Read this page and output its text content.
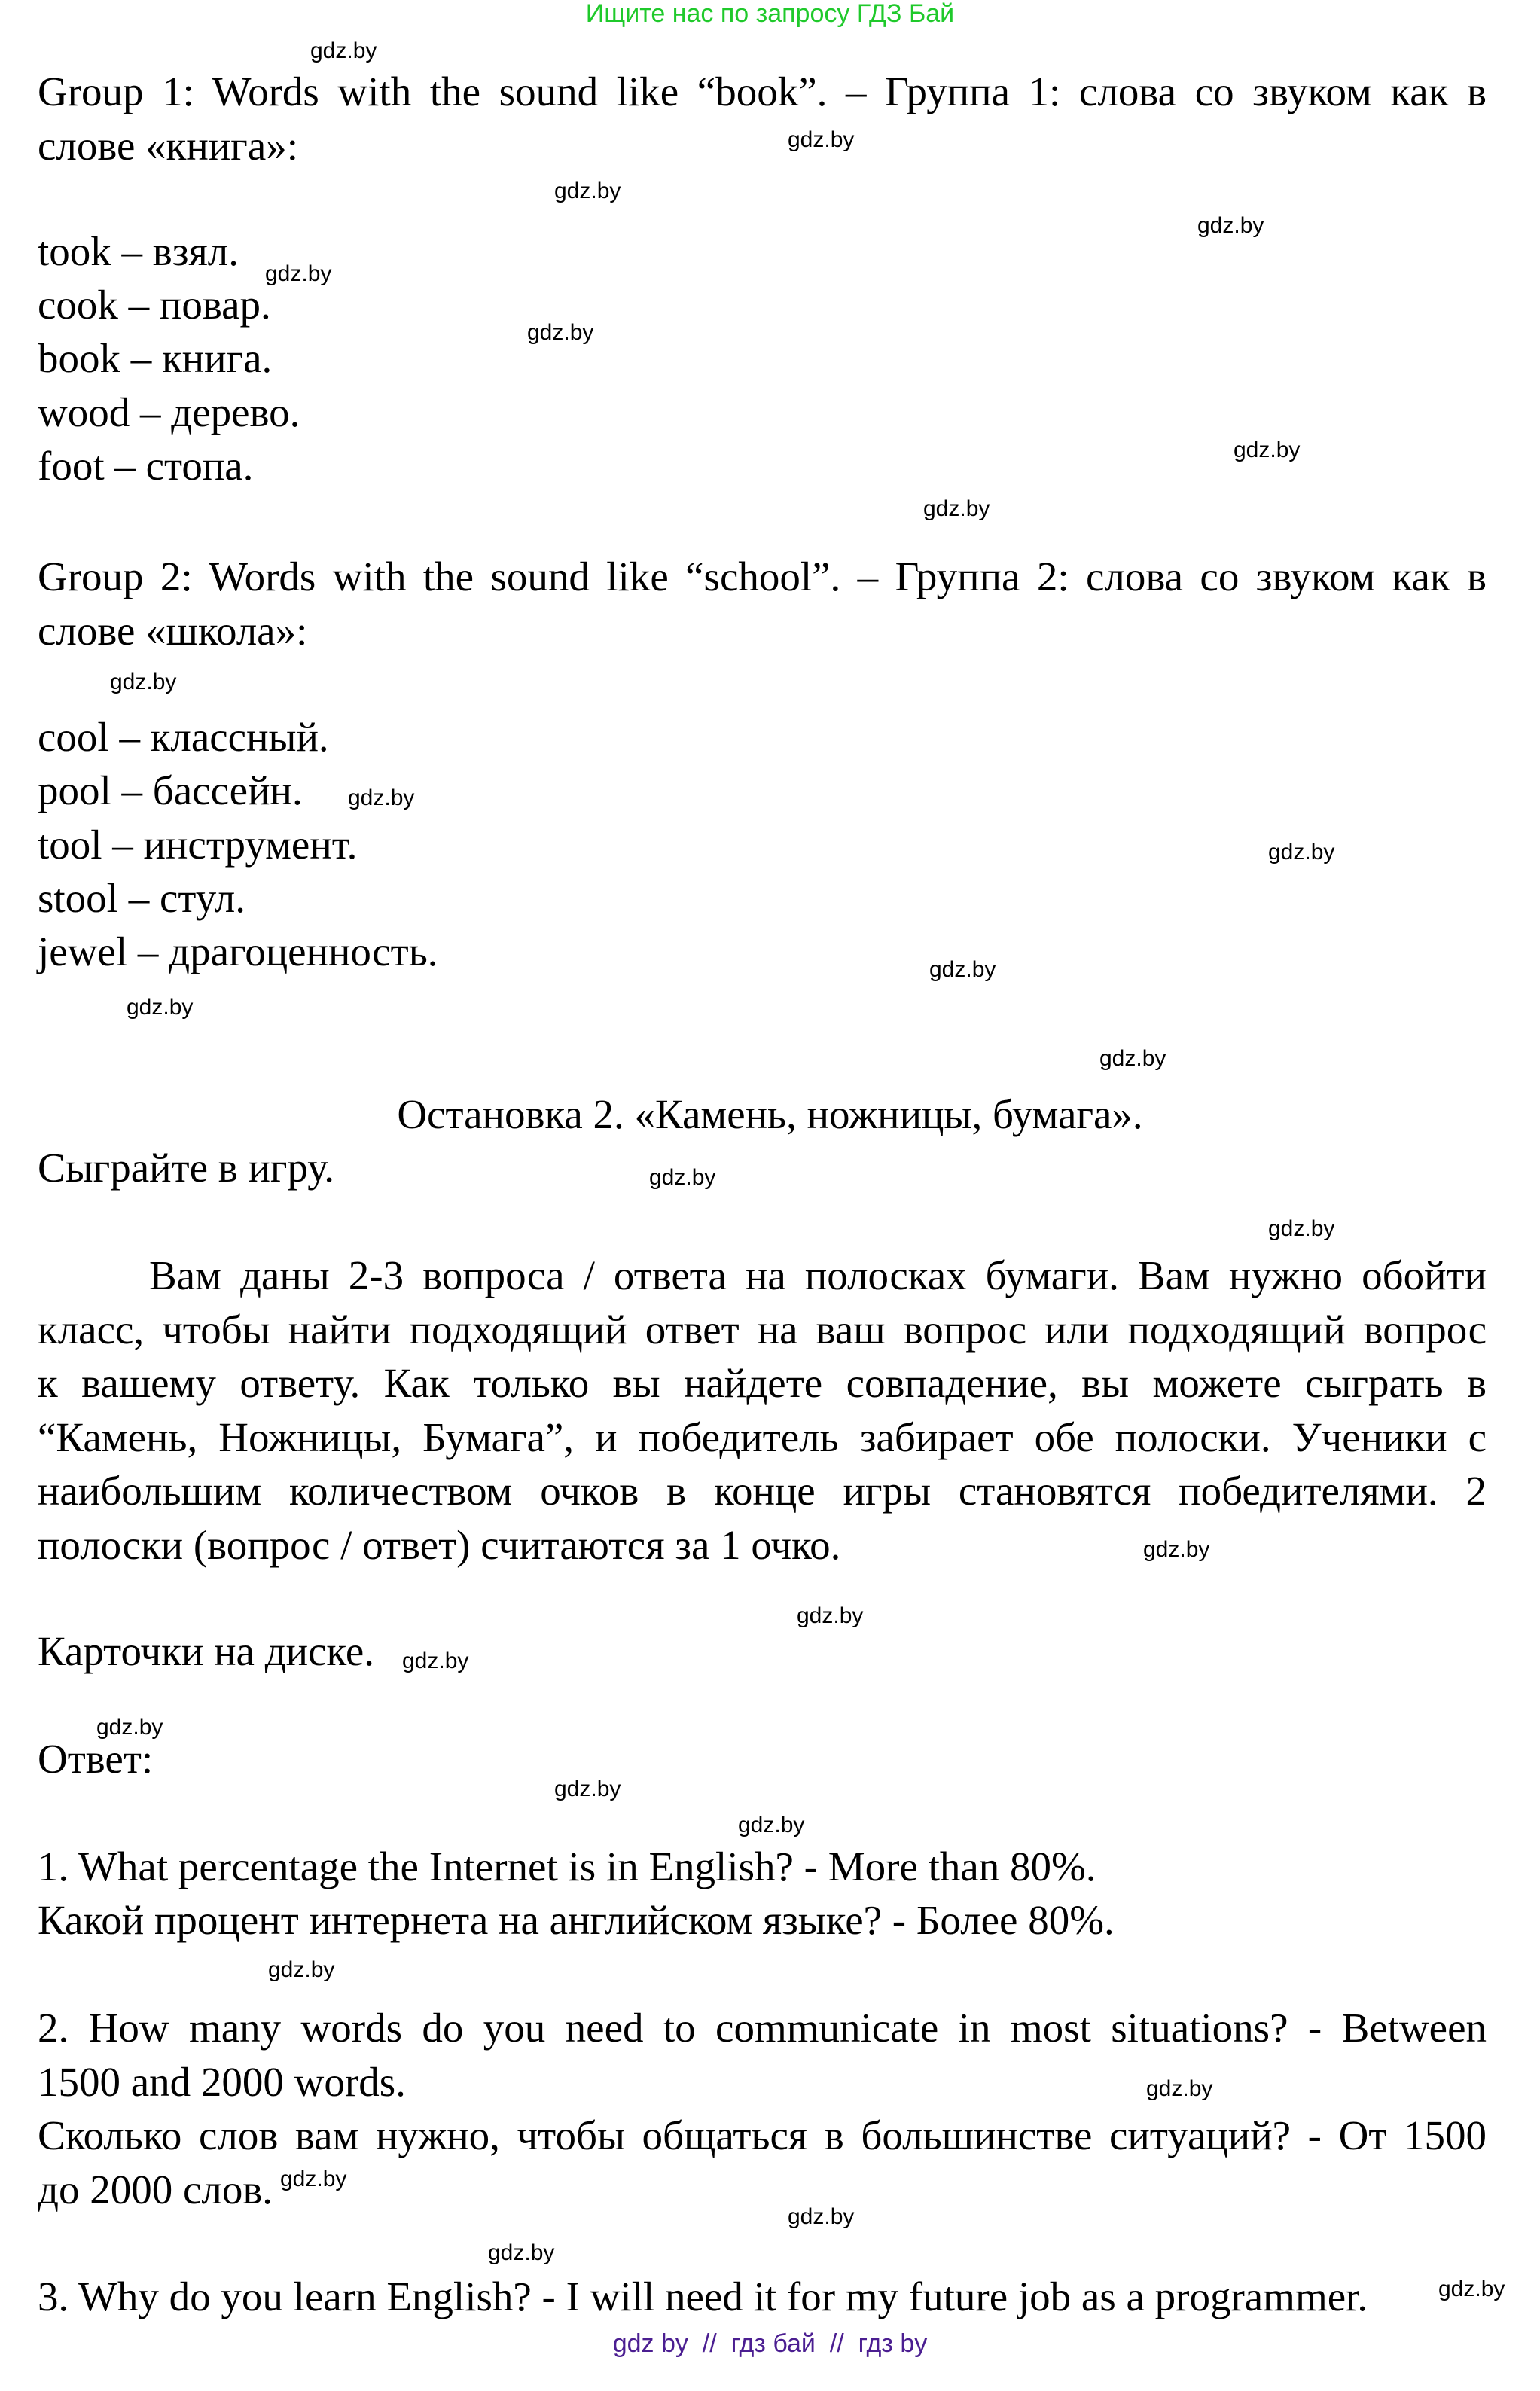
Ищите нас по запросу ГДЗ Бай
Group 1: Words with the sound like “book”. – Группа 1: слова со звуком как в
слове «книга»:
took – взял.
cook – повар.
book – книга.
wood – дерево.
foot – стопа.
Group 2: Words with the sound like “school”. – Группа 2: слова со звуком как в
слове «школа»:
cool – классный.
pool – бассейн.
tool – инструмент.
stool – стул.
jewel – драгоценность.
Остановка 2. «Камень, ножницы, бумага».
Сыграйте в игру.
Вам даны 2-3 вопроса / ответа на полосках бумаги. Вам нужно обойти
класс, чтобы найти подходящий ответ на ваш вопрос или подходящий вопрос
к вашему ответу. Как только вы найдете совпадение, вы можете сыграть в
“Камень, Ножницы, Бумага”, и победитель забирает обе полоски. Ученики с
наибольшим количеством очков в конце игры становятся победителями. 2
полоски (вопрос / ответ) считаются за 1 очко.
Карточки на диске.
Ответ:
1. What percentage the Internet is in English? - More than 80%.
Какой процент интернета на английском языке? - Более 80%.
2. How many words do you need to communicate in most situations? - Between
1500 and 2000 words.
Сколько слов вам нужно, чтобы общаться в большинстве ситуаций? - От 1500
до 2000 слов.
3. Why do you learn English? - I will need it for my future job as a programmer.
gdz.by
gdz.by
gdz.by
gdz.by
gdz.by
gdz.by
gdz.by
gdz.by
gdz.by
gdz.by
gdz.by
gdz.by
gdz.by
gdz.by
gdz.by
gdz.by
gdz.by
gdz.by
gdz.by
gdz.by
gdz.by
gdz.by
gdz.by
gdz.by
gdz.by
gdz.by
gdz.by
gdz.by
gdz by  //  гдз бай  //  гдз by
